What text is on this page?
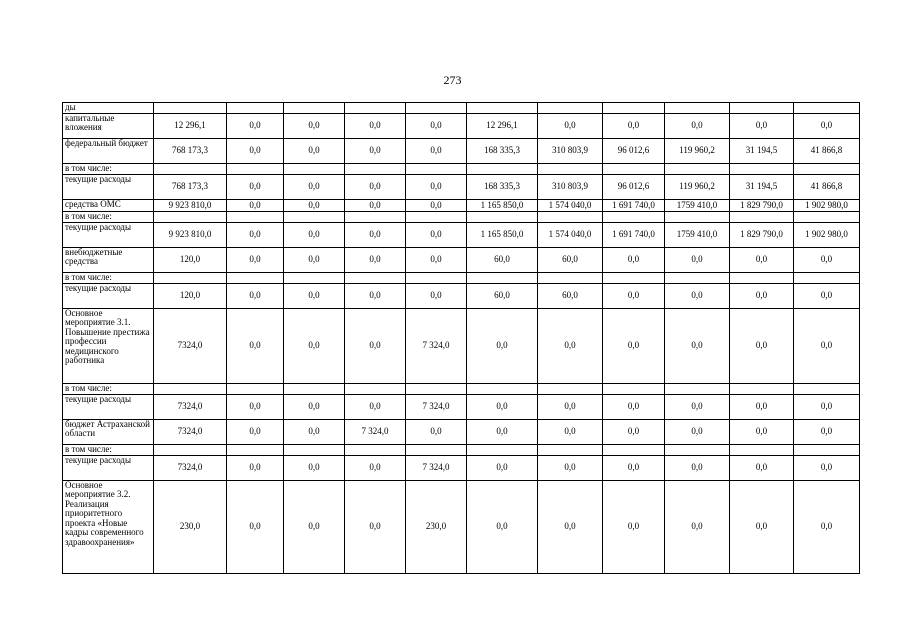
273
ды											
капитальные вложения	12 296,1	0,0	0,0	0,0	0,0	12 296,1	0,0	0,0	0,0	0,0	0,0
федеральный бюджет	768 173,3	0,0	0,0	0,0	0,0	168 335,3	310 803,9	96 012,6	119 960,2	31 194,5	41 866,8
в том числе:											
текущие расходы	768 173,3	0,0	0,0	0,0	0,0	168 335,3	310 803,9	96 012,6	119 960,2	31 194,5	41 866,8
средства ОМС	9 923 810,0	0,0	0,0	0,0	0,0	1 165 850,0	1 574 040,0	1 691 740,0	1759 410,0	1 829 790,0	1 902 980,0
в том числе:											
текущие расходы	9 923 810,0	0,0	0,0	0,0	0,0	1 165 850,0	1 574 040,0	1 691 740,0	1759 410,0	1 829 790,0	1 902 980,0
внебюджетные средства	120,0	0,0	0,0	0,0	0,0	60,0	60,0	0,0	0,0	0,0	0,0
в том числе:											
текущие расходы	120,0	0,0	0,0	0,0	0,0	60,0	60,0	0,0	0,0	0,0	0,0
Основное мероприятие 3.1. Повышение престижа профессии медицинского работника	7324,0	0,0	0,0	0,0	7 324,0	0,0	0,0	0,0	0,0	0,0	0,0
в том числе:											
текущие расходы	7324,0	0,0	0,0	0,0	7 324,0	0,0	0,0	0,0	0,0	0,0	0,0
бюджет Астраханской области	7324,0	0,0	0,0	7 324,0	0,0	0,0	0,0	0,0	0,0	0,0	0,0
в том числе:											
текущие расходы	7324,0	0,0	0,0	0,0	7 324,0	0,0	0,0	0,0	0,0	0,0	0,0
Основное мероприятие 3.2. Реализация приоритетного проекта «Новые кадры современного здравоохранения»	230,0	0,0	0,0	0,0	230,0	0,0	0,0	0,0	0,0	0,0	0,0
